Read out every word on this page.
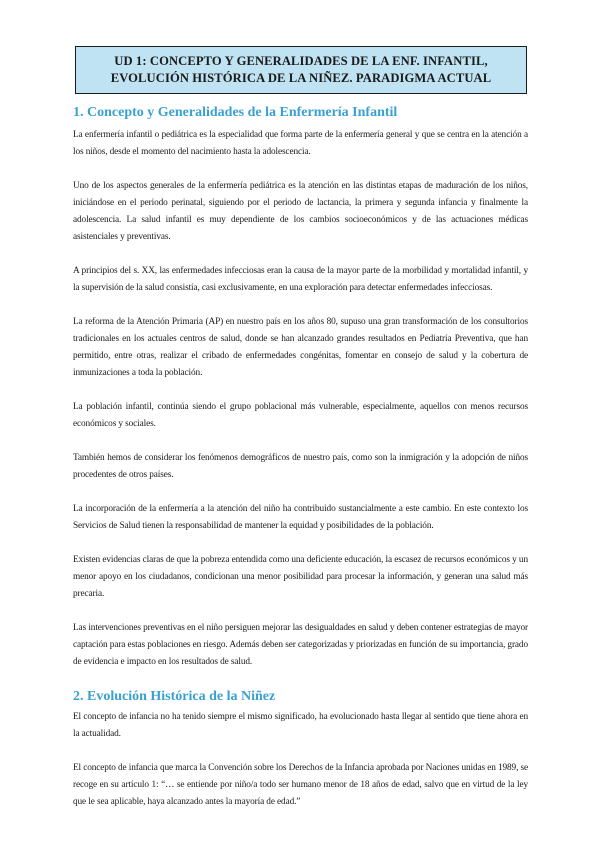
UD 1: CONCEPTO Y GENERALIDADES DE LA ENF. INFANTIL,
EVOLUCIÓN HISTÓRICA DE LA NIÑEZ. PARADIGMA ACTUAL
1. Concepto y Generalidades de la Enfermería Infantil

La enfermería infantil o pediátrica es la especialidad que forma parte de la enfermería general y que se centra en la atención a los niños, desde el momento del nacimiento hasta la adolescencia.

Uno de los aspectos generales de la enfermería pediátrica es la atención en las distintas etapas de maduración de los niños, iniciándose en el periodo perinatal, siguiendo por el periodo de lactancia, la primera y segunda infancia y finalmente la adolescencia. La salud infantil es muy dependiente de los cambios socioeconómicos y de las actuaciones médicas asistenciales y preventivas.

A principios del s. XX, las enfermedades infecciosas eran la causa de la mayor parte de la morbilidad y mortalidad infantil, y la supervisión de la salud consistía, casi exclusivamente, en una exploración para detectar enfermedades infecciosas.

La reforma de la Atención Primaria (AP) en nuestro país en los años 80, supuso una gran transformación de los consultorios tradicionales en los actuales centros de salud, donde se han alcanzado grandes resultados en Pediatría Preventiva, que han permitido, entre otras, realizar el cribado de enfermedades congénitas, fomentar en consejo de salud y la cobertura de inmunizaciones a toda la población.

La población infantil, continúa siendo el grupo poblacional más vulnerable, especialmente, aquellos con menos recursos económicos y sociales.

También hemos de considerar los fenómenos demográficos de nuestro país, como son la inmigración y la adopción de niños procedentes de otros países.

La incorporación de la enfermería a la atención del niño ha contribuido sustancialmente a este cambio. En este contexto los Servicios de Salud tienen la responsabilidad de mantener la equidad y posibilidades de la población.

Existen evidencias claras de que la pobreza entendida como una deficiente educación, la escasez de recursos económicos y un menor apoyo en los ciudadanos, condicionan una menor posibilidad para procesar la información, y generan una salud más precaria.

Las intervenciones preventivas en el niño persiguen mejorar las desigualdades en salud y deben contener estrategias de mayor captación para estas poblaciones en riesgo. Además deben ser categorizadas y priorizadas en función de su importancia, grado de evidencia e impacto en los resultados de salud.

2. Evolución Histórica de la Niñez

El concepto de infancia no ha tenido siempre el mismo significado, ha evolucionado hasta llegar al sentido que tiene ahora en la actualidad.

El concepto de infancia que marca la Convención sobre los Derechos de la Infancia aprobada por Naciones unidas en 1989, se recoge en su artículo 1: “… se entiende por niño/a todo ser humano menor de 18 años de edad, salvo que en virtud de la ley que le sea aplicable, haya alcanzado antes la mayoría de edad.”
